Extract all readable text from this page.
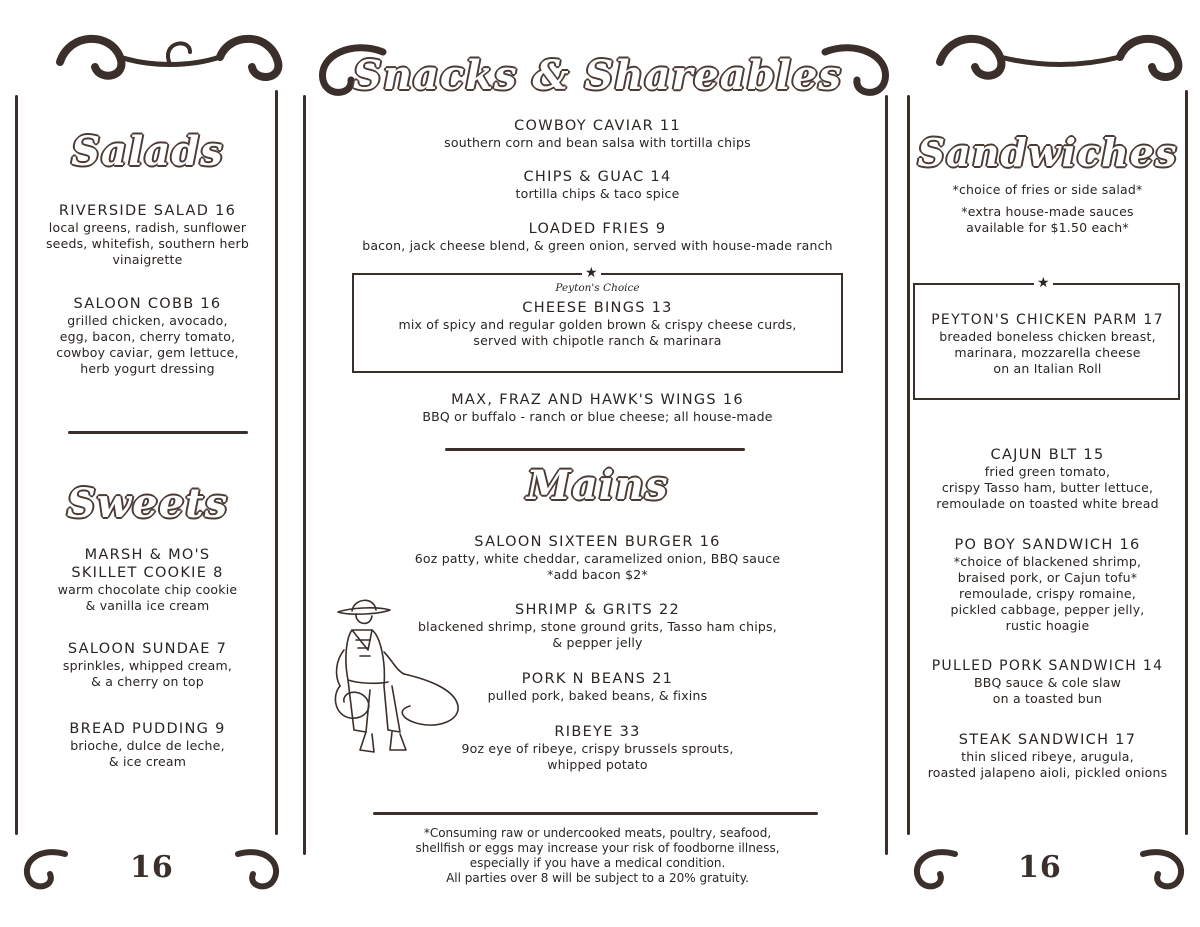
Salads
RIVERSIDE SALAD 16
local greens, radish, sunflower
seeds, whitefish, southern herb
vinaigrette
SALOON COBB 16
grilled chicken, avocado,
egg, bacon, cherry tomato,
cowboy caviar, gem lettuce,
herb yogurt dressing
Sweets
MARSH & MO'S
SKILLET COOKIE 8
warm chocolate chip cookie
& vanilla ice cream
SALOON SUNDAE 7
sprinkles, whipped cream,
& a cherry on top
BREAD PUDDING 9
brioche, dulce de leche,
& ice cream
16
Snacks & Shareables
COWBOY CAVIAR 11
southern corn and bean salsa with tortilla chips
CHIPS & GUAC 14
tortilla chips & taco spice
LOADED FRIES 9
bacon, jack cheese blend, & green onion, served with house-made ranch
★
Peyton's Choice
CHEESE BINGS 13
mix of spicy and regular golden brown & crispy cheese curds,
served with chipotle ranch & marinara
MAX, FRAZ AND HAWK'S WINGS 16
BBQ or buffalo - ranch or blue cheese; all house-made
Mains
SALOON SIXTEEN BURGER 16
6oz patty, white cheddar, caramelized onion, BBQ sauce
*add bacon $2*
SHRIMP & GRITS 22
blackened shrimp, stone ground grits, Tasso ham chips,
& pepper jelly
PORK N BEANS 21
pulled pork, baked beans, & fixins
RIBEYE 33
9oz eye of ribeye, crispy brussels sprouts,
whipped potato
*Consuming raw or undercooked meats, poultry, seafood,
shellfish or eggs may increase your risk of foodborne illness,
especially if you have a medical condition.
All parties over 8 will be subject to a 20% gratuity.
Sandwiches
*choice of fries or side salad*
*extra house-made sauces
available for $1.50 each*
★
PEYTON'S CHICKEN PARM 17
breaded boneless chicken breast,
marinara, mozzarella cheese
on an Italian Roll
CAJUN BLT 15
fried green tomato,
crispy Tasso ham, butter lettuce,
remoulade on toasted white bread
PO BOY SANDWICH 16
*choice of blackened shrimp,
braised pork, or Cajun tofu*
remoulade, crispy romaine,
pickled cabbage, pepper jelly,
rustic hoagie
PULLED PORK SANDWICH 14
BBQ sauce & cole slaw
on a toasted bun
STEAK SANDWICH 17
thin sliced ribeye, arugula,
roasted jalapeno aioli, pickled onions
16
